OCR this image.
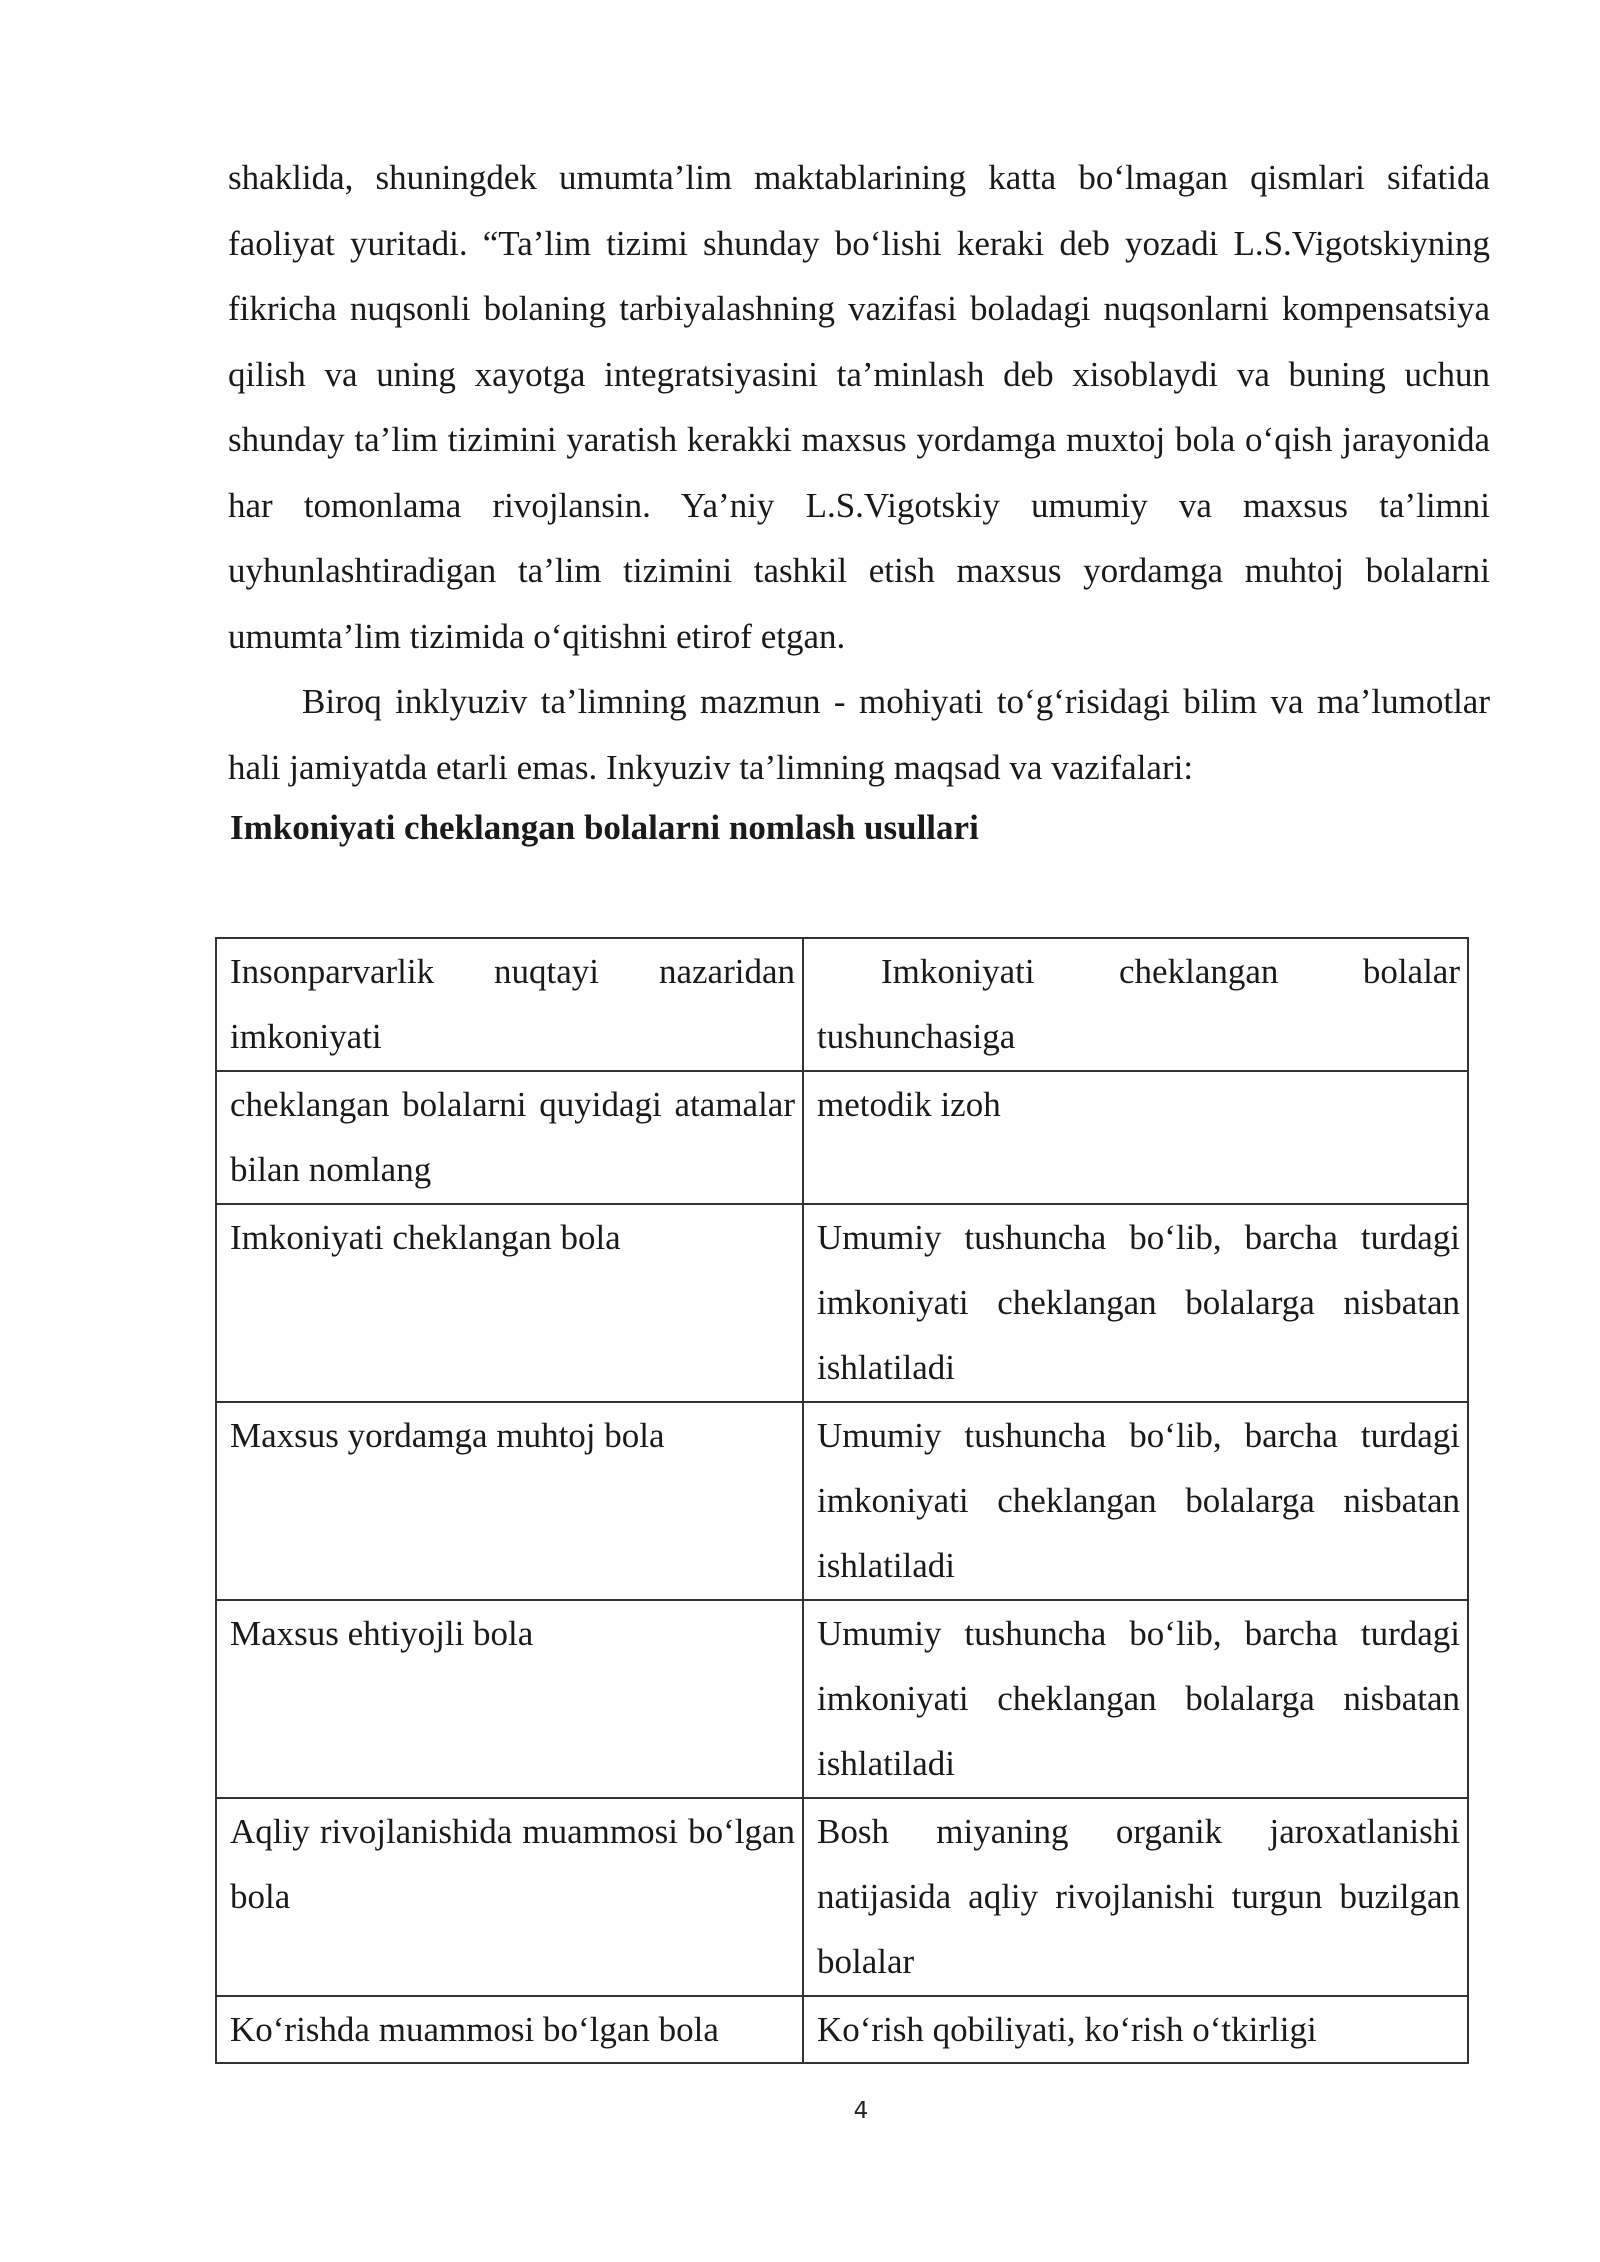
shaklida, shuningdek umumta’lim maktablarining katta bo‘lmagan qismlari sifatida faoliyat yuritadi. “Ta’lim tizimi shunday bo‘lishi keraki deb yozadi L.S.Vigotskiyning fikricha nuqsonli bolaning tarbiyalashning vazifasi boladagi nuqsonlarni kompensatsiya qilish va uning xayotga integratsiyasini ta’minlash deb xisoblaydi va buning uchun shunday ta’lim tizimini yaratish kerakki maxsus yordamga muxtoj bola o‘qish jarayonida har tomonlama rivojlansin. Ya’niy L.S.Vigotskiy umumiy va maxsus ta’limni uyhunlashtiradigan ta’lim tizimini tashkil etish maxsus yordamga muhtoj bolalarni umumta’lim tizimida o‘qitishni etirof etgan.

Biroq inklyuziv ta’limning mazmun - mohiyati to‘g‘risidagi bilim va ma’lumotlar hali jamiyatda etarli emas. Inkyuziv ta’limning maqsad va vazifalari:

Imkoniyati cheklangan bolalarni nomlash usullari

Insonparvarlik nuqtayi nazaridan imkoniyati	Imkoniyati cheklangan bolalar tushunchasiga
cheklangan bolalarni quyidagi atamalar bilan nomlang	metodik izoh
Imkoniyati cheklangan bola	Umumiy tushuncha bo‘lib, barcha turdagi imkoniyati cheklangan bolalarga nisbatan ishlatiladi
Maxsus yordamga muhtoj bola	Umumiy tushuncha bo‘lib, barcha turdagi imkoniyati cheklangan bolalarga nisbatan ishlatiladi
Maxsus ehtiyojli bola	Umumiy tushuncha bo‘lib, barcha turdagi imkoniyati cheklangan bolalarga nisbatan ishlatiladi
Aqliy rivojlanishida muammosi bo‘lgan bola	Bosh miyaning organik jaroxatlanishi natijasida aqliy rivojlanishi turgun buzilgan bolalar
Ko‘rishda muammosi bo‘lgan bola	Ko‘rish qobiliyati, ko‘rish o‘tkirligi
4
